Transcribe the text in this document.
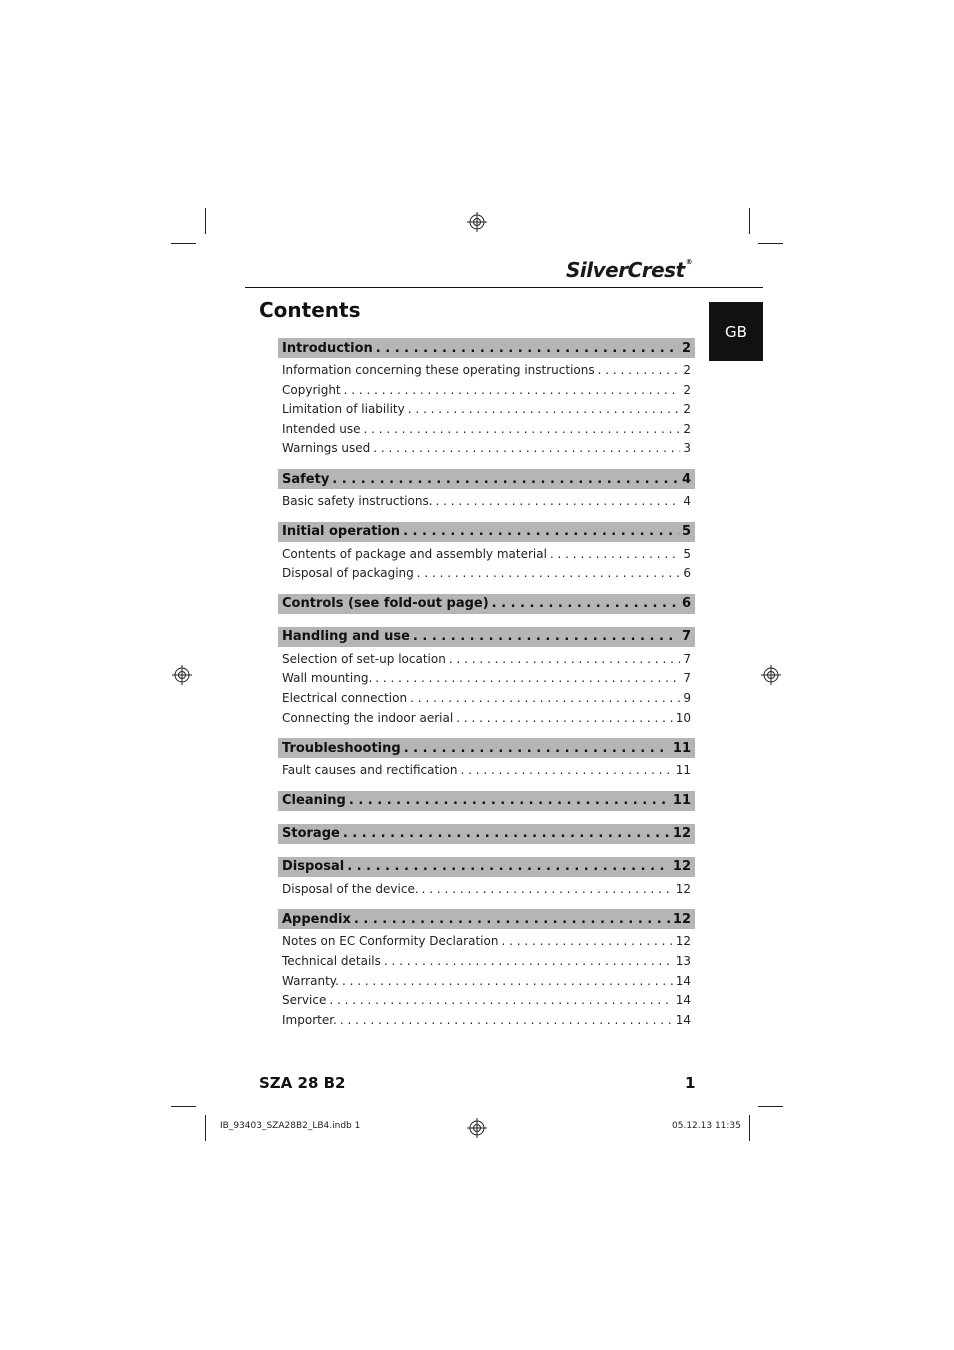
SilverCrest®
Contents
GB
Introduction . . .	2
Information concerning these operating instructions . . .	2
Copyright . . .	2
Limitation of liability . . .	2
Intended use . . .	2
Warnings used . . .	3
Safety . . .	4
Basic safety instructions. . . .	4
Initial operation . . .	5
Contents of package and assembly material . . .	5
Disposal of packaging . . .	6
Controls (see fold-out page) . . .	6
Handling and use . . .	7
Selection of set-up location . . .	7
Wall mounting. . . .	7
Electrical connection . . .	9
Connecting the indoor aerial . . .	10
Troubleshooting . . .	11
Fault causes and rectification . . .	11
Cleaning . . .	11
Storage . . .	12
Disposal . . .	12
Disposal of the device. . . .	12
Appendix . . .	12
Notes on EC Conformity Declaration . . .	12
Technical details . . .	13
Warranty. . . .	14
Service . . .	14
Importer. . . .	14
SZA 28 B2	1
IB_93403_SZA28B2_LB4.indb 1	05.12.13 11:35
